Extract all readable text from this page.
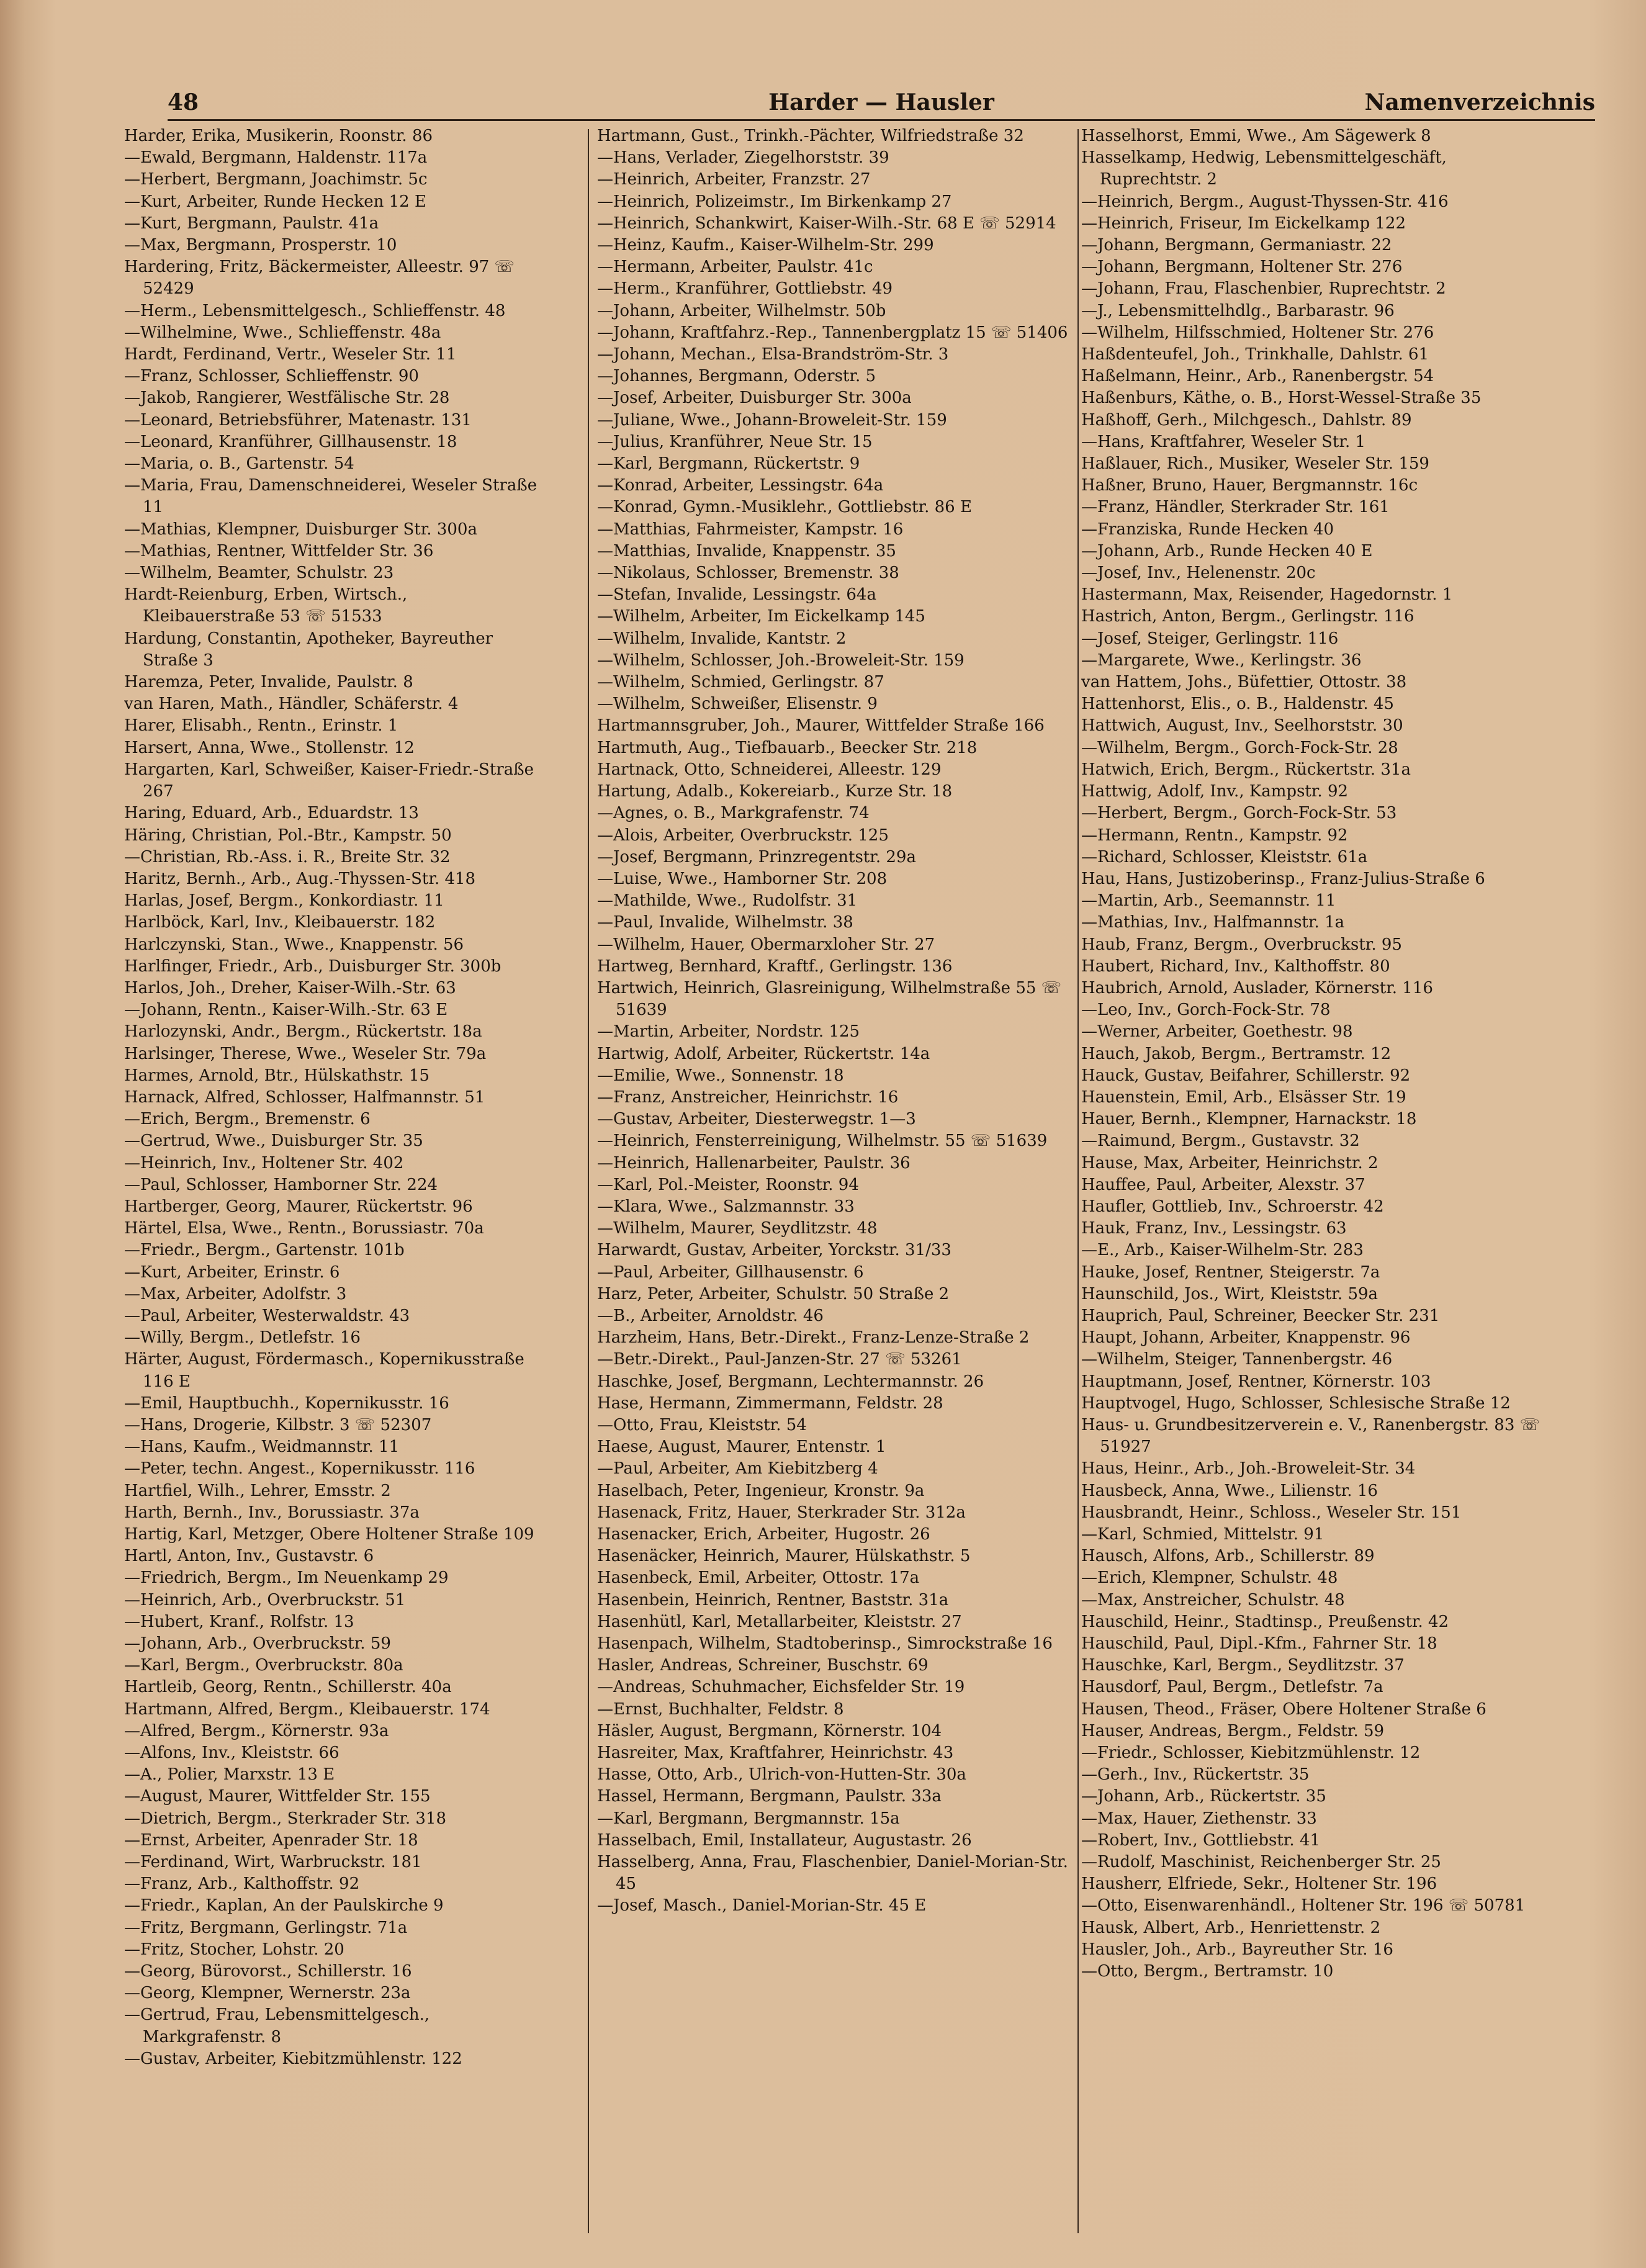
48	Harder — Hausler	Namenverzeichnis

Harder, Erika, Musikerin, Roonstr. 86

—Ewald, Bergmann, Haldenstr. 117a

—Herbert, Bergmann, Joachimstr. 5c

—Kurt, Arbeiter, Runde Hecken 12 E

—Kurt, Bergmann, Paulstr. 41a

—Max, Bergmann, Prosperstr. 10

Hardering, Fritz, Bäckermeister, Alleestr. 97 ☏ 52429

—Herm., Lebensmittelgesch., Schlieffenstr. 48

—Wilhelmine, Wwe., Schlieffenstr. 48a

Hardt, Ferdinand, Vertr., Weseler Str. 11

—Franz, Schlosser, Schlieffenstr. 90

—Jakob, Rangierer, Westfälische Str. 28

—Leonard, Betriebsführer, Matenastr. 131

—Leonard, Kranführer, Gillhausenstr. 18

—Maria, o. B., Gartenstr. 54

—Maria, Frau, Damenschneiderei, Weseler Straße 11

—Mathias, Klempner, Duisburger Str. 300a

—Mathias, Rentner, Wittfelder Str. 36

—Wilhelm, Beamter, Schulstr. 23

Hardt-Reienburg, Erben, Wirtsch., Kleibauerstraße 53 ☏ 51533

Hardung, Constantin, Apotheker, Bayreuther Straße 3

Haremza, Peter, Invalide, Paulstr. 8

van Haren, Math., Händler, Schäferstr. 4

Harer, Elisabh., Rentn., Erinstr. 1

Harsert, Anna, Wwe., Stollenstr. 12

Hargarten, Karl, Schweißer, Kaiser-Friedr.-Straße 267

Haring, Eduard, Arb., Eduardstr. 13

Häring, Christian, Pol.-Btr., Kampstr. 50

—Christian, Rb.-Ass. i. R., Breite Str. 32

Haritz, Bernh., Arb., Aug.-Thyssen-Str. 418

Harlas, Josef, Bergm., Konkordiastr. 11

Harlböck, Karl, Inv., Kleibauerstr. 182

Harlczynski, Stan., Wwe., Knappenstr. 56

Harlfinger, Friedr., Arb., Duisburger Str. 300b

Harlos, Joh., Dreher, Kaiser-Wilh.-Str. 63

—Johann, Rentn., Kaiser-Wilh.-Str. 63 E

Harlozynski, Andr., Bergm., Rückertstr. 18a

Harlsinger, Therese, Wwe., Weseler Str. 79a

Harmes, Arnold, Btr., Hülskathstr. 15

Harnack, Alfred, Schlosser, Halfmannstr. 51

—Erich, Bergm., Bremenstr. 6

—Gertrud, Wwe., Duisburger Str. 35

—Heinrich, Inv., Holtener Str. 402

—Paul, Schlosser, Hamborner Str. 224

Hartberger, Georg, Maurer, Rückertstr. 96

Härtel, Elsa, Wwe., Rentn., Borussiastr. 70a

—Friedr., Bergm., Gartenstr. 101b

—Kurt, Arbeiter, Erinstr. 6

—Max, Arbeiter, Adolfstr. 3

—Paul, Arbeiter, Westerwaldstr. 43

—Willy, Bergm., Detlefstr. 16

Härter, August, Fördermasch., Kopernikusstraße 116 E

—Emil, Hauptbuchh., Kopernikusstr. 16

—Hans, Drogerie, Kilbstr. 3 ☏ 52307

—Hans, Kaufm., Weidmannstr. 11

—Peter, techn. Angest., Kopernikusstr. 116

Hartfiel, Wilh., Lehrer, Emsstr. 2

Harth, Bernh., Inv., Borussiastr. 37a

Hartig, Karl, Metzger, Obere Holtener Straße 109

Hartl, Anton, Inv., Gustavstr. 6

—Friedrich, Bergm., Im Neuenkamp 29

—Heinrich, Arb., Overbruckstr. 51

—Hubert, Kranf., Rolfstr. 13

—Johann, Arb., Overbruckstr. 59

—Karl, Bergm., Overbruckstr. 80a

Hartleib, Georg, Rentn., Schillerstr. 40a

Hartmann, Alfred, Bergm., Kleibauerstr. 174

—Alfred, Bergm., Körnerstr. 93a

—Alfons, Inv., Kleiststr. 66

—A., Polier, Marxstr. 13 E

—August, Maurer, Wittfelder Str. 155

—Dietrich, Bergm., Sterkrader Str. 318

—Ernst, Arbeiter, Apenrader Str. 18

—Ferdinand, Wirt, Warbruckstr. 181

—Franz, Arb., Kalthoffstr. 92

—Friedr., Kaplan, An der Paulskirche 9

—Fritz, Bergmann, Gerlingstr. 71a

—Fritz, Stocher, Lohstr. 20

—Georg, Bürovorst., Schillerstr. 16

—Georg, Klempner, Wernerstr. 23a

—Gertrud, Frau, Lebensmittelgesch., Markgrafenstr. 8

—Gustav, Arbeiter, Kiebitzmühlenstr. 122

Hartmann, Gust., Trinkh.-Pächter, Wilfriedstraße 32

—Hans, Verlader, Ziegelhorststr. 39

—Heinrich, Arbeiter, Franzstr. 27

—Heinrich, Polizeimstr., Im Birkenkamp 27

—Heinrich, Schankwirt, Kaiser-Wilh.-Str. 68 E ☏ 52914

—Heinz, Kaufm., Kaiser-Wilhelm-Str. 299

—Hermann, Arbeiter, Paulstr. 41c

—Herm., Kranführer, Gottliebstr. 49

—Johann, Arbeiter, Wilhelmstr. 50b

—Johann, Kraftfahrz.-Rep., Tannenbergplatz 15 ☏ 51406

—Johann, Mechan., Elsa-Brandström-Str. 3

—Johannes, Bergmann, Oderstr. 5

—Josef, Arbeiter, Duisburger Str. 300a

—Juliane, Wwe., Johann-Broweleit-Str. 159

—Julius, Kranführer, Neue Str. 15

—Karl, Bergmann, Rückertstr. 9

—Konrad, Arbeiter, Lessingstr. 64a

—Konrad, Gymn.-Musiklehr., Gottliebstr. 86 E

—Matthias, Fahrmeister, Kampstr. 16

—Matthias, Invalide, Knappenstr. 35

—Nikolaus, Schlosser, Bremenstr. 38

—Stefan, Invalide, Lessingstr. 64a

—Wilhelm, Arbeiter, Im Eickelkamp 145

—Wilhelm, Invalide, Kantstr. 2

—Wilhelm, Schlosser, Joh.-Broweleit-Str. 159

—Wilhelm, Schmied, Gerlingstr. 87

—Wilhelm, Schweißer, Elisenstr. 9

Hartmannsgruber, Joh., Maurer, Wittfelder Straße 166

Hartmuth, Aug., Tiefbauarb., Beecker Str. 218

Hartnack, Otto, Schneiderei, Alleestr. 129

Hartung, Adalb., Kokereiarb., Kurze Str. 18

—Agnes, o. B., Markgrafenstr. 74

—Alois, Arbeiter, Overbruckstr. 125

—Josef, Bergmann, Prinzregentstr. 29a

—Luise, Wwe., Hamborner Str. 208

—Mathilde, Wwe., Rudolfstr. 31

—Paul, Invalide, Wilhelmstr. 38

—Wilhelm, Hauer, Obermarxloher Str. 27

Hartweg, Bernhard, Kraftf., Gerlingstr. 136

Hartwich, Heinrich, Glasreinigung, Wilhelmstraße 55 ☏ 51639

—Martin, Arbeiter, Nordstr. 125

Hartwig, Adolf, Arbeiter, Rückertstr. 14a

—Emilie, Wwe., Sonnenstr. 18

—Franz, Anstreicher, Heinrichstr. 16

—Gustav, Arbeiter, Diesterwegstr. 1—3

—Heinrich, Fensterreinigung, Wilhelmstr. 55 ☏ 51639

—Heinrich, Hallenarbeiter, Paulstr. 36

—Karl, Pol.-Meister, Roonstr. 94

—Klara, Wwe., Salzmannstr. 33

—Wilhelm, Maurer, Seydlitzstr. 48

Harwardt, Gustav, Arbeiter, Yorckstr. 31/33

—Paul, Arbeiter, Gillhausenstr. 6

Harz, Peter, Arbeiter, Schulstr. 50 Straße 2

—B., Arbeiter, Arnoldstr. 46

Harzheim, Hans, Betr.-Direkt., Franz-Lenze-Straße 2

—Betr.-Direkt., Paul-Janzen-Str. 27 ☏ 53261

Haschke, Josef, Bergmann, Lechtermannstr. 26

Hase, Hermann, Zimmermann, Feldstr. 28

—Otto, Frau, Kleiststr. 54

Haese, August, Maurer, Entenstr. 1

—Paul, Arbeiter, Am Kiebitzberg 4

Haselbach, Peter, Ingenieur, Kronstr. 9a

Hasenack, Fritz, Hauer, Sterkrader Str. 312a

Hasenacker, Erich, Arbeiter, Hugostr. 26

Hasenäcker, Heinrich, Maurer, Hülskathstr. 5

Hasenbeck, Emil, Arbeiter, Ottostr. 17a

Hasenbein, Heinrich, Rentner, Baststr. 31a

Hasenhütl, Karl, Metallarbeiter, Kleiststr. 27

Hasenpach, Wilhelm, Stadtoberinsp., Simrockstraße 16

Hasler, Andreas, Schreiner, Buschstr. 69

—Andreas, Schuhmacher, Eichsfelder Str. 19

—Ernst, Buchhalter, Feldstr. 8

Häsler, August, Bergmann, Körnerstr. 104

Hasreiter, Max, Kraftfahrer, Heinrichstr. 43

Hasse, Otto, Arb., Ulrich-von-Hutten-Str. 30a

Hassel, Hermann, Bergmann, Paulstr. 33a

—Karl, Bergmann, Bergmannstr. 15a

Hasselbach, Emil, Installateur, Augustastr. 26

Hasselberg, Anna, Frau, Flaschenbier, Daniel-Morian-Str. 45

—Josef, Masch., Daniel-Morian-Str. 45 E

Hasselhorst, Emmi, Wwe., Am Sägewerk 8

Hasselkamp, Hedwig, Lebensmittelgeschäft, Ruprechtstr. 2

—Heinrich, Bergm., August-Thyssen-Str. 416

—Heinrich, Friseur, Im Eickelkamp 122

—Johann, Bergmann, Germaniastr. 22

—Johann, Bergmann, Holtener Str. 276

—Johann, Frau, Flaschenbier, Ruprechtstr. 2

—J., Lebensmittelhdlg., Barbarastr. 96

—Wilhelm, Hilfsschmied, Holtener Str. 276

Haßdenteufel, Joh., Trinkhalle, Dahlstr. 61

Haßelmann, Heinr., Arb., Ranenbergstr. 54

Haßenburs, Käthe, o. B., Horst-Wessel-Straße 35

Haßhoff, Gerh., Milchgesch., Dahlstr. 89

—Hans, Kraftfahrer, Weseler Str. 1

Haßlauer, Rich., Musiker, Weseler Str. 159

Haßner, Bruno, Hauer, Bergmannstr. 16c

—Franz, Händler, Sterkrader Str. 161

—Franziska, Runde Hecken 40

—Johann, Arb., Runde Hecken 40 E

—Josef, Inv., Helenenstr. 20c

Hastermann, Max, Reisender, Hagedornstr. 1

Hastrich, Anton, Bergm., Gerlingstr. 116

—Josef, Steiger, Gerlingstr. 116

—Margarete, Wwe., Kerlingstr. 36

van Hattem, Johs., Büfettier, Ottostr. 38

Hattenhorst, Elis., o. B., Haldenstr. 45

Hattwich, August, Inv., Seelhorststr. 30

—Wilhelm, Bergm., Gorch-Fock-Str. 28

Hatwich, Erich, Bergm., Rückertstr. 31a

Hattwig, Adolf, Inv., Kampstr. 92

—Herbert, Bergm., Gorch-Fock-Str. 53

—Hermann, Rentn., Kampstr. 92

—Richard, Schlosser, Kleiststr. 61a

Hau, Hans, Justizoberinsp., Franz-Julius-Straße 6

—Martin, Arb., Seemannstr. 11

—Mathias, Inv., Halfmannstr. 1a

Haub, Franz, Bergm., Overbruckstr. 95

Haubert, Richard, Inv., Kalthoffstr. 80

Haubrich, Arnold, Auslader, Körnerstr. 116

—Leo, Inv., Gorch-Fock-Str. 78

—Werner, Arbeiter, Goethestr. 98

Hauch, Jakob, Bergm., Bertramstr. 12

Hauck, Gustav, Beifahrer, Schillerstr. 92

Hauenstein, Emil, Arb., Elsässer Str. 19

Hauer, Bernh., Klempner, Harnackstr. 18

—Raimund, Bergm., Gustavstr. 32

Hause, Max, Arbeiter, Heinrichstr. 2

Hauffee, Paul, Arbeiter, Alexstr. 37

Haufler, Gottlieb, Inv., Schroerstr. 42

Hauk, Franz, Inv., Lessingstr. 63

—E., Arb., Kaiser-Wilhelm-Str. 283

Hauke, Josef, Rentner, Steigerstr. 7a

Haunschild, Jos., Wirt, Kleiststr. 59a

Hauprich, Paul, Schreiner, Beecker Str. 231

Haupt, Johann, Arbeiter, Knappenstr. 96

—Wilhelm, Steiger, Tannenbergstr. 46

Hauptmann, Josef, Rentner, Körnerstr. 103

Hauptvogel, Hugo, Schlosser, Schlesische Straße 12

Haus- u. Grundbesitzerverein e. V., Ranenbergstr. 83 ☏ 51927

Haus, Heinr., Arb., Joh.-Broweleit-Str. 34

Hausbeck, Anna, Wwe., Lilienstr. 16

Hausbrandt, Heinr., Schloss., Weseler Str. 151

—Karl, Schmied, Mittelstr. 91

Hausch, Alfons, Arb., Schillerstr. 89

—Erich, Klempner, Schulstr. 48

—Max, Anstreicher, Schulstr. 48

Hauschild, Heinr., Stadtinsp., Preußenstr. 42

Hauschild, Paul, Dipl.-Kfm., Fahrner Str. 18

Hauschke, Karl, Bergm., Seydlitzstr. 37

Hausdorf, Paul, Bergm., Detlefstr. 7a

Hausen, Theod., Fräser, Obere Holtener Straße 6

Hauser, Andreas, Bergm., Feldstr. 59

—Friedr., Schlosser, Kiebitzmühlenstr. 12

—Gerh., Inv., Rückertstr. 35

—Johann, Arb., Rückertstr. 35

—Max, Hauer, Ziethenstr. 33

—Robert, Inv., Gottliebstr. 41

—Rudolf, Maschinist, Reichenberger Str. 25

Hausherr, Elfriede, Sekr., Holtener Str. 196

—Otto, Eisenwarenhändl., Holtener Str. 196 ☏ 50781

Hausk, Albert, Arb., Henriettenstr. 2

Hausler, Joh., Arb., Bayreuther Str. 16

—Otto, Bergm., Bertramstr. 10
